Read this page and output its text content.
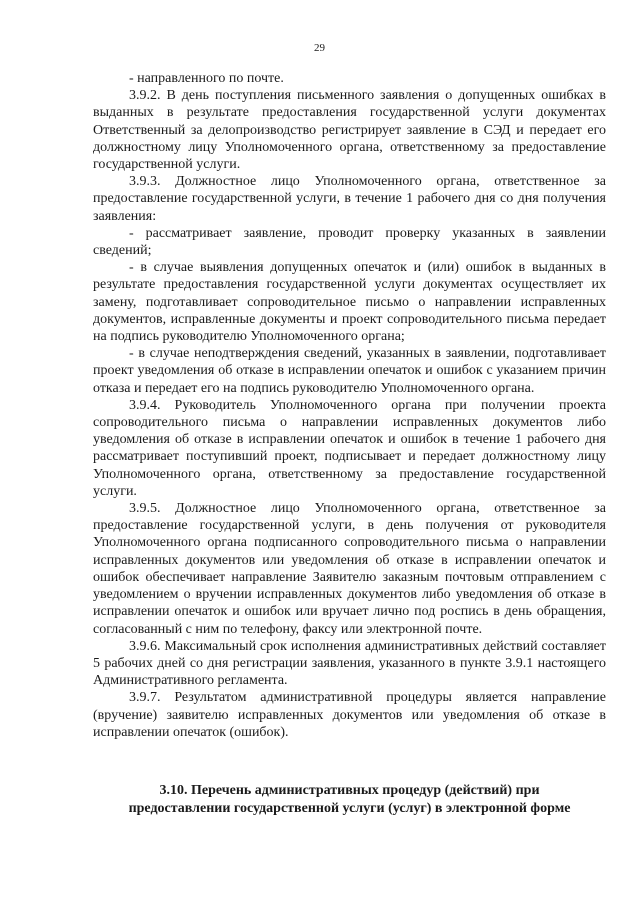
29

- направленного по почте.

3.9.2. В день поступления письменного заявления о допущенных ошибках в выданных в результате предоставления государственной услуги документах Ответственный за делопроизводство регистрирует заявление в СЭД и передает его должностному лицу Уполномоченного органа, ответственному за предоставление государственной услуги.

3.9.3. Должностное лицо Уполномоченного органа, ответственное за предоставление государственной услуги, в течение 1 рабочего дня со дня получения заявления:

- рассматривает заявление, проводит проверку указанных в заявлении сведений;

- в случае выявления допущенных опечаток и (или) ошибок в выданных в результате предоставления государственной услуги документах осуществляет их замену, подготавливает сопроводительное письмо о направлении исправленных документов, исправленные документы и проект сопроводительного письма передает на подпись руководителю Уполномоченного органа;

- в случае неподтверждения сведений, указанных в заявлении, подготавливает проект уведомления об отказе в исправлении опечаток и ошибок с указанием причин отказа и передает его на подпись руководителю Уполномоченного органа.

3.9.4. Руководитель Уполномоченного органа при получении проекта сопроводительного письма о направлении исправленных документов либо уведомления об отказе в исправлении опечаток и ошибок в течение 1 рабочего дня рассматривает поступивший проект, подписывает и передает должностному лицу Уполномоченного органа, ответственному за предоставление государственной услуги.

3.9.5. Должностное лицо Уполномоченного органа, ответственное за предоставление государственной услуги, в день получения от руководителя Уполномоченного органа подписанного сопроводительного письма о направлении исправленных документов или уведомления об отказе в исправлении опечаток и ошибок обеспечивает направление Заявителю заказным почтовым отправлением с уведомлением о вручении исправленных документов либо уведомления об отказе в исправлении опечаток и ошибок или вручает лично под роспись в день обращения, согласованный с ним по телефону, факсу или электронной почте.

3.9.6. Максимальный срок исполнения административных действий составляет 5 рабочих дней со дня регистрации заявления, указанного в пункте 3.9.1 настоящего Административного регламента.

3.9.7. Результатом административной процедуры является направление (вручение) заявителю исправленных документов или уведомления об отказе в исправлении опечаток (ошибок).

3.10. Перечень административных процедур (действий) при
предоставлении государственной услуги (услуг) в электронной форме
